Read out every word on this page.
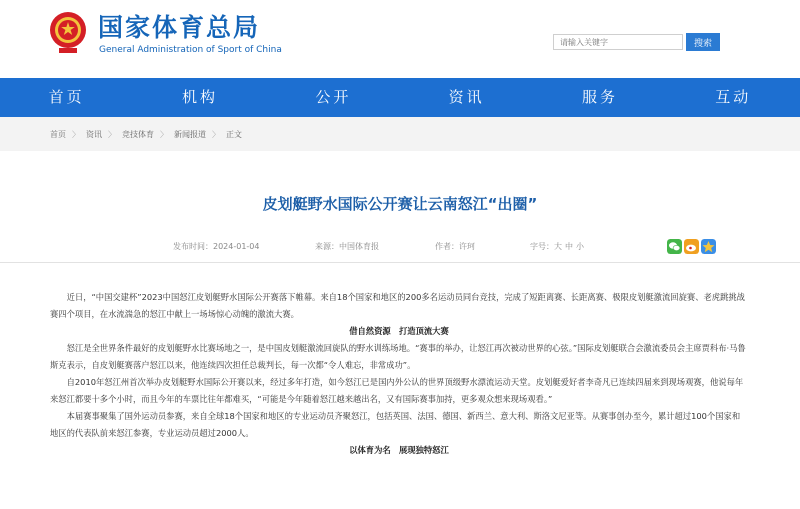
国家体育总局
General Administration of Sport of China
请输入关键字
搜索
首页	机构	公开	资讯	服务	互动
首页 〉 资讯 〉 竞技体育 〉 新闻报道 〉 正文
皮划艇野水国际公开赛让云南怒江“出圈”
发布时间：2024-01-04	来源：中国体育报	作者：许珂	字号： 大 中 小

近日，“中国交建杯”2023中国怒江皮划艇野水国际公开赛落下帷幕。来自18个国家和地区的200多名运动员同台竞技，完成了短距离赛、长距离赛、极限皮划艇激流回旋赛、老虎跳挑战赛四个项目，在水流湍急的怒江中献上一场场惊心动魄的激流大赛。

借自然资源　打造顶流大赛

怒江是全世界条件最好的皮划艇野水比赛场地之一，是中国皮划艇激流回旋队的野水训练场地。“赛事的举办，让怒江再次被动世界的心弦。”国际皮划艇联合会激流委员会主席贾科布·马鲁斯克表示，自皮划艇赛落户怒江以来，他连续四次担任总裁判长，每一次都“令人难忘，非常成功”。

自2010年怒江州首次举办皮划艇野水国际公开赛以来，经过多年打造，如今怒江已是国内外公认的世界顶级野水漂流运动天堂。皮划艇爱好者李奇凡已连续四届来到现场观赛，他说每年来怒江都要十多个小时，而且今年的车票比往年都难买，“可能是今年随着怒江越来越出名，又有国际赛事加持，更多观众想来现场观看。”

本届赛事聚集了国外运动员参赛，来自全球18个国家和地区的专业运动员齐聚怒江，包括英国、法国、德国、新西兰、意大利、斯洛文尼亚等。从赛事创办至今，累计超过100个国家和地区的代表队前来怒江参赛，专业运动员超过2000人。

以体育为名　展现独特怒江
